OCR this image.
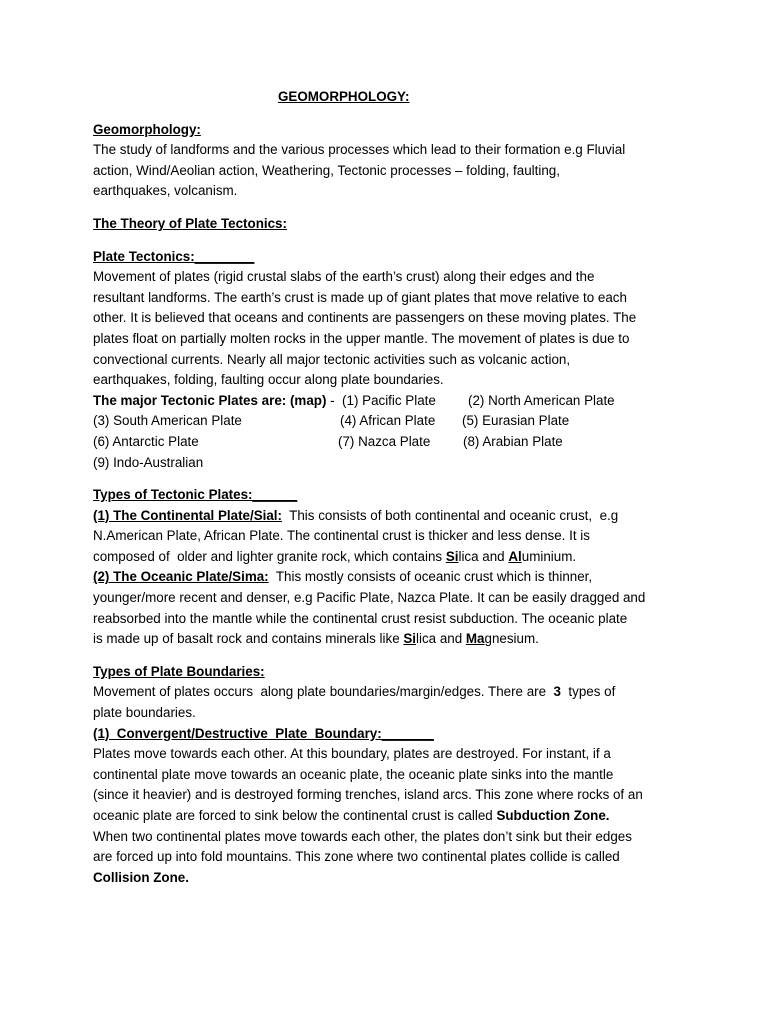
GEOMORPHOLOGY:
Geomorphology:
The study of landforms and the various processes which lead to their formation e.g Fluvial
action, Wind/Aeolian action, Weathering, Tectonic processes – folding, faulting,
earthquakes, volcanism.
The Theory of Plate Tectonics:
Plate Tectonics:________
Movement of plates (rigid crustal slabs of the earth’s crust) along their edges and the
resultant landforms. The earth’s crust is made up of giant plates that move relative to each
other. It is believed that oceans and continents are passengers on these moving plates. The
plates float on partially molten rocks in the upper mantle. The movement of plates is due to
convectional currents. Nearly all major tectonic activities such as volcanic action,
earthquakes, folding, faulting occur along plate boundaries.
The major Tectonic Plates are: (map) -  (1) Pacific Plate	(2) North American Plate
(3) South American Plate	(4) African Plate	(5) Eurasian Plate
(6) Antarctic Plate	(7) Nazca Plate	(8) Arabian Plate
(9) Indo-Australian
Types of Tectonic Plates:______
(1) The Continental Plate/Sial:  This consists of both continental and oceanic crust,  e.g
N.American Plate, African Plate. The continental crust is thicker and less dense. It is
composed of  older and lighter granite rock, which contains Silica and Aluminium.
(2) The Oceanic Plate/Sima:  This mostly consists of oceanic crust which is thinner,
younger/more recent and denser, e.g Pacific Plate, Nazca Plate. It can be easily dragged and
reabsorbed into the mantle while the continental crust resist subduction. The oceanic plate
is made up of basalt rock and contains minerals like Silica and Magnesium.
Types of Plate Boundaries:
Movement of plates occurs  along plate boundaries/margin/edges. There are  3  types of
plate boundaries.
(1)  Convergent/Destructive  Plate  Boundary:_______
Plates move towards each other. At this boundary, plates are destroyed. For instant, if a
continental plate move towards an oceanic plate, the oceanic plate sinks into the mantle
(since it heavier) and is destroyed forming trenches, island arcs. This zone where rocks of an
oceanic plate are forced to sink below the continental crust is called Subduction Zone.
When two continental plates move towards each other, the plates don’t sink but their edges
are forced up into fold mountains. This zone where two continental plates collide is called
Collision Zone.
